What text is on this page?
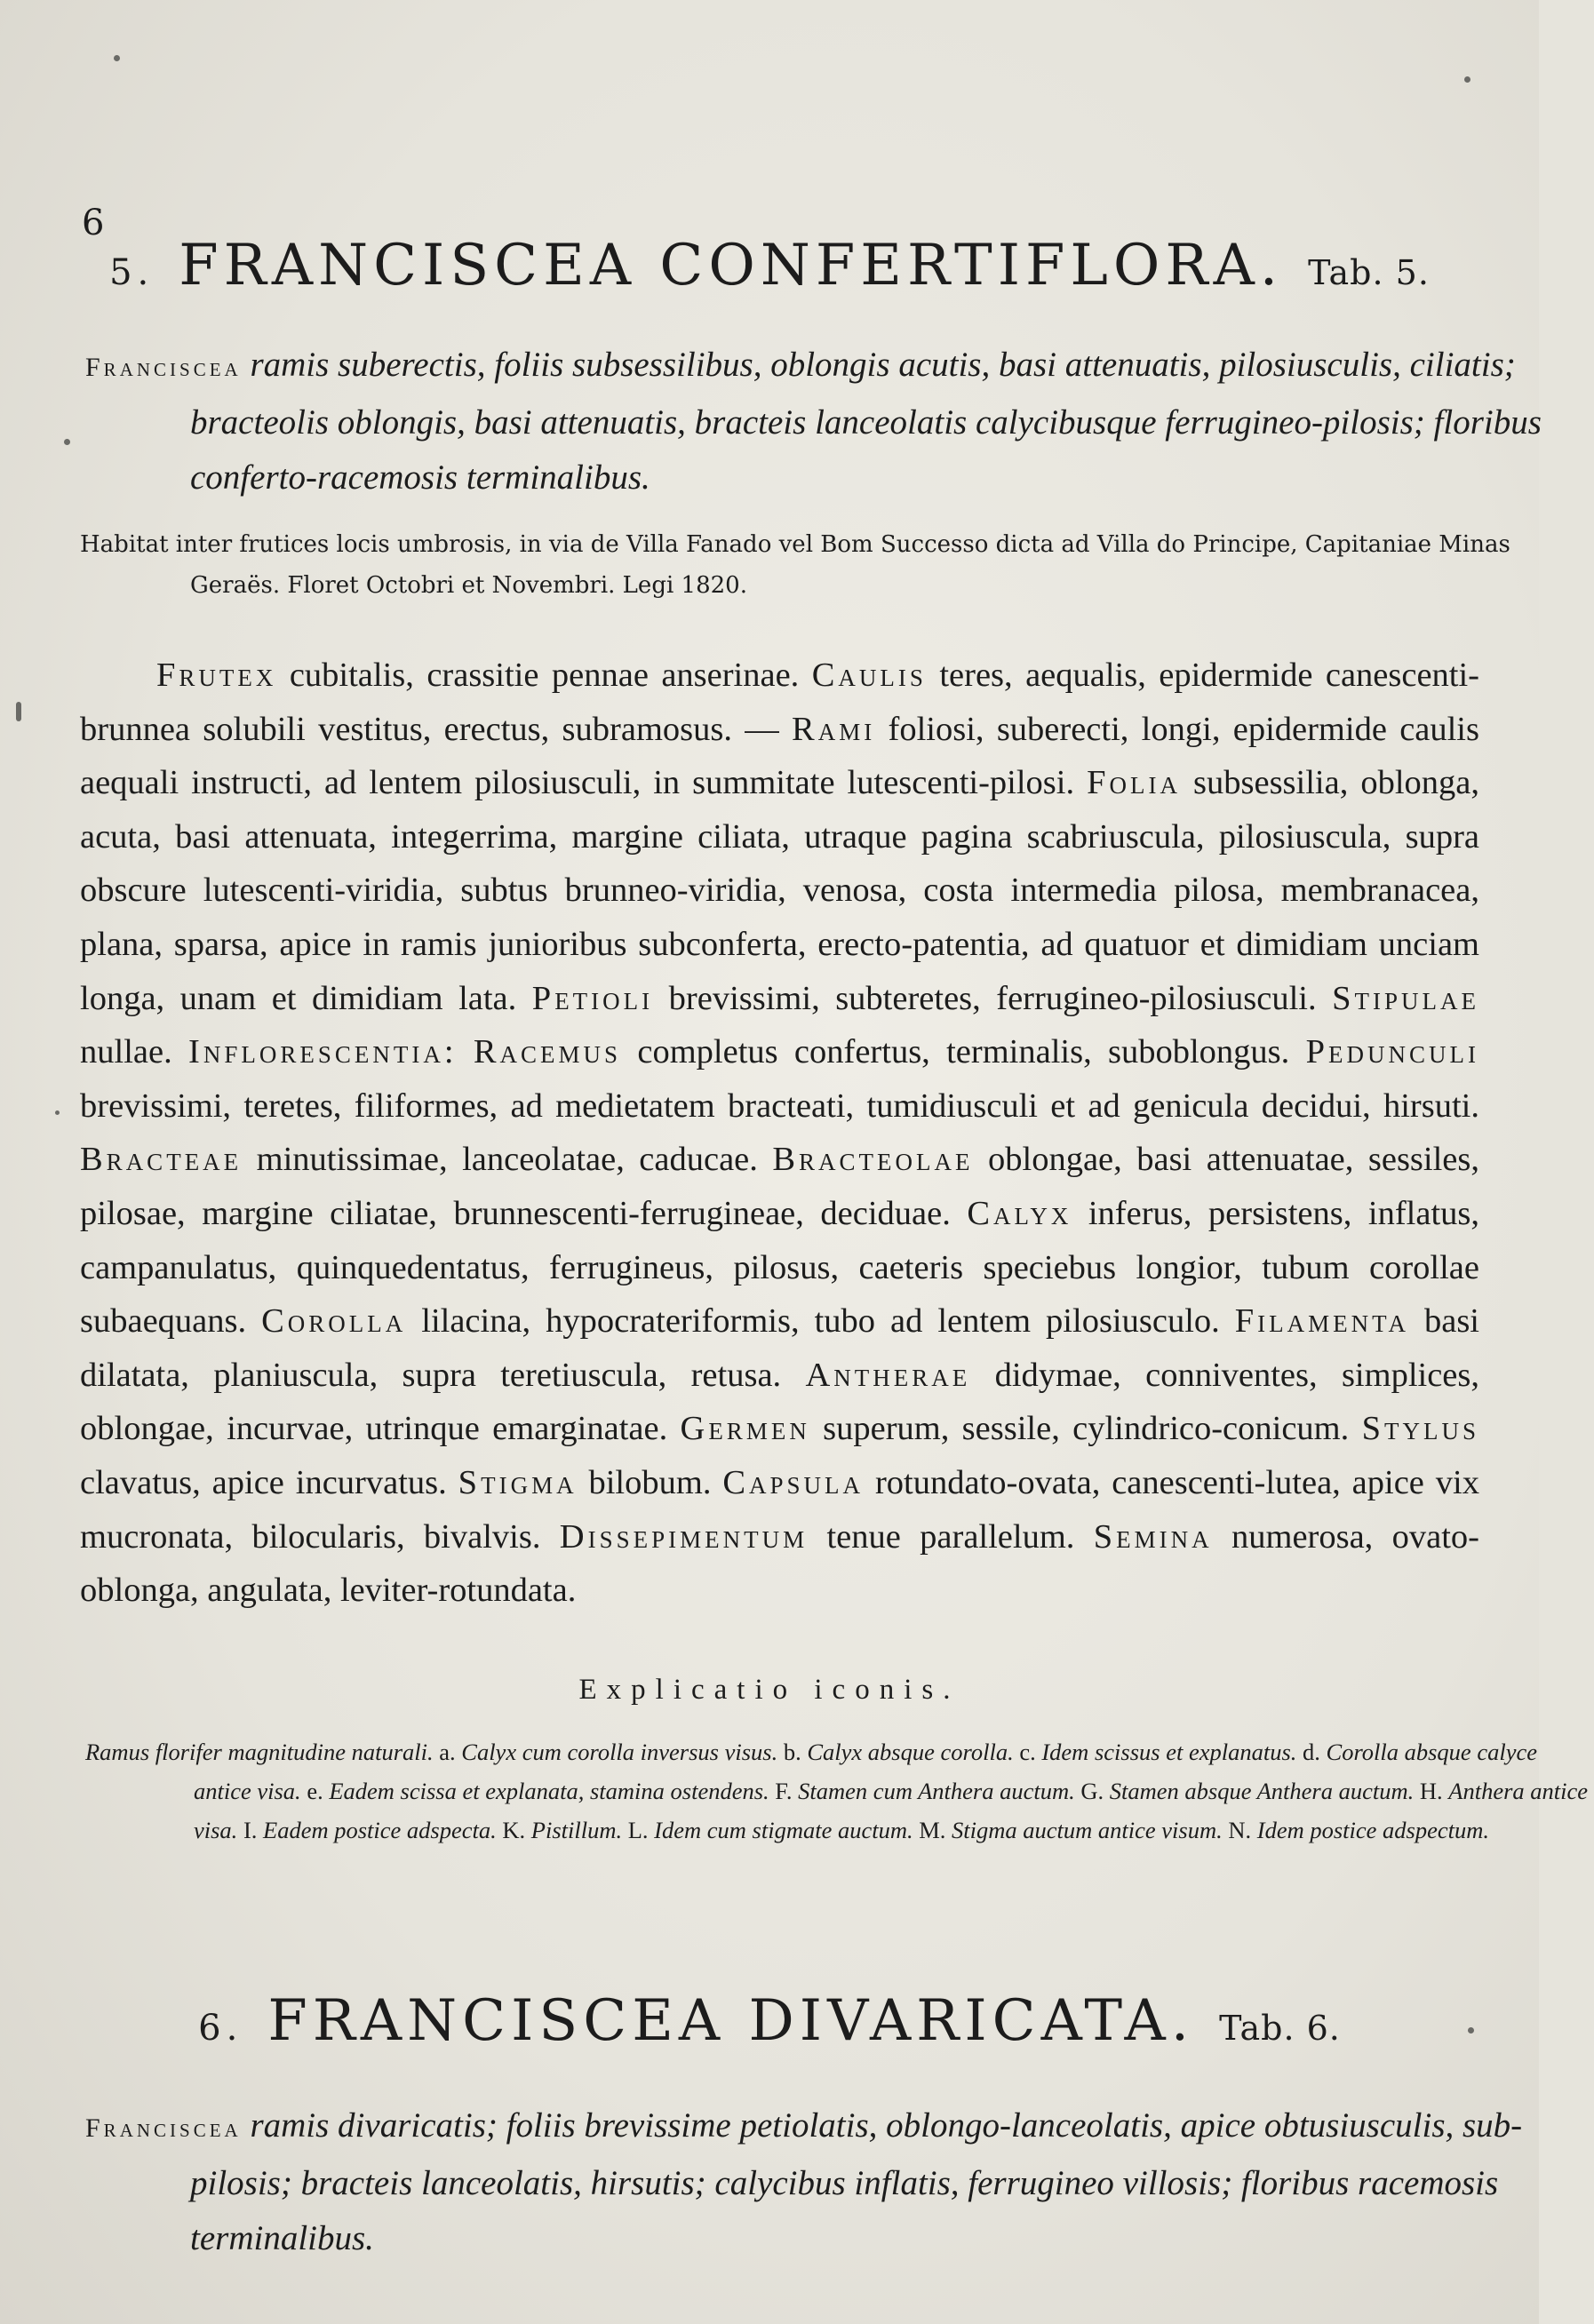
6
5. FRANCISCEA CONFERTIFLORA. Tab. 5.
Franciscea ramis suberectis, foliis subsessilibus, oblongis acutis, basi attenuatis, pilosiusculis, ciliatis; bracteolis oblongis, basi attenuatis, bracteis lanceolatis calycibusque ferrugineo-pilosis; floribus conferto-racemosis terminalibus.
Habitat inter frutices locis umbrosis, in via de Villa Fanado vel Bom Successo dicta ad Villa do Principe, Capitaniae Minas Geraës. Floret Octobri et Novembri. Legi 1820.
Frutex cubitalis, crassitie pennae anserinae. Caulis teres, aequalis, epidermide canescenti-brunnea solubili vestitus, erectus, subramosus. — Rami foliosi, suberecti, longi, epidermide caulis aequali instructi, ad lentem pilosiusculi, in summitate lutescenti-pilosi. Folia subsessilia, oblonga, acuta, basi attenuata, integerrima, margine ciliata, utraque pagina scabriuscula, pilosiuscula, supra obscure lutescenti-viridia, subtus brunneo-viridia, venosa, costa intermedia pilosa, membranacea, plana, sparsa, apice in ramis junioribus subconferta, erecto-patentia, ad quatuor et dimidiam unciam longa, unam et dimidiam lata. Petioli brevissimi, subteretes, ferrugineo-pilosiusculi. Stipulae nullae. Inflorescentia: Racemus completus confertus, terminalis, suboblongus. Pedunculi brevissimi, teretes, filiformes, ad medietatem bracteati, tumidiusculi et ad genicula decidui, hirsuti. Bracteae minutissimae, lanceolatae, caducae. Bracteolae oblongae, basi attenuatae, sessiles, pilosae, margine ciliatae, brunnescenti-ferrugineae, deciduae. Calyx inferus, persistens, inflatus, campanulatus, quinquedentatus, ferrugineus, pilosus, caeteris speciebus longior, tubum corollae subaequans. Corolla lilacina, hypocrateriformis, tubo ad lentem pilosiusculo. Filamenta basi dilatata, planiuscula, supra teretiuscula, retusa. Antherae didymae, conniventes, simplices, oblongae, incurvae, utrinque emarginatae. Germen superum, sessile, cylindrico-conicum. Stylus clavatus, apice incurvatus. Stigma bilobum. Capsula rotundato-ovata, canescenti-lutea, apice vix mucronata, bilocularis, bivalvis. Dissepimentum tenue parallelum. Semina numerosa, ovato-oblonga, angulata, leviter-rotundata.
Explicatio iconis.
Ramus florifer magnitudine naturali. a. Calyx cum corolla inversus visus. b. Calyx absque corolla. c. Idem scissus et explanatus. d. Corolla absque calyce antice visa. e. Eadem scissa et explanata, stamina ostendens. F. Stamen cum Anthera auctum. G. Stamen absque Anthera auctum. H. Anthera antice visa. I. Eadem postice adspecta. K. Pistillum. L. Idem cum stigmate auctum. M. Stigma auctum antice visum. N. Idem postice adspectum.
6. FRANCISCEA DIVARICATA. Tab. 6.
Franciscea ramis divaricatis; foliis brevissime petiolatis, oblongo-lanceolatis, apice obtusiusculis, sub-pilosis; bracteis lanceolatis, hirsutis; calycibus inflatis, ferrugineo villosis; floribus racemosis terminalibus.
